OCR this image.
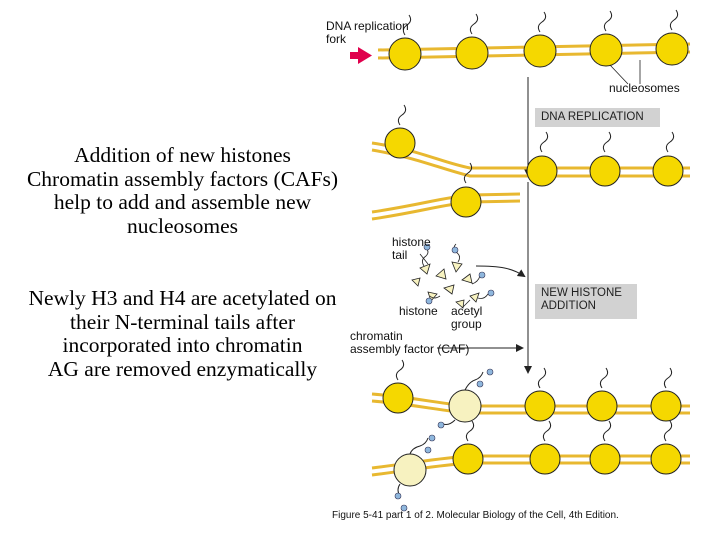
Addition of new histones
Chromatin assembly factors (CAFs)
help to add and assemble new
nucleosomes
Newly H3 and H4 are acetylated on
their N-terminal tails after
incorporated into chromatin
AG are removed enzymatically
DNA replication
fork
nucleosomes
DNA REPLICATION
histone
tail
NEW HISTONE
ADDITION
histone acetyl
group
chromatin
assembly factor (CAF)
Figure 5-41 part 1 of 2. Molecular Biology of the Cell, 4th Edition.
